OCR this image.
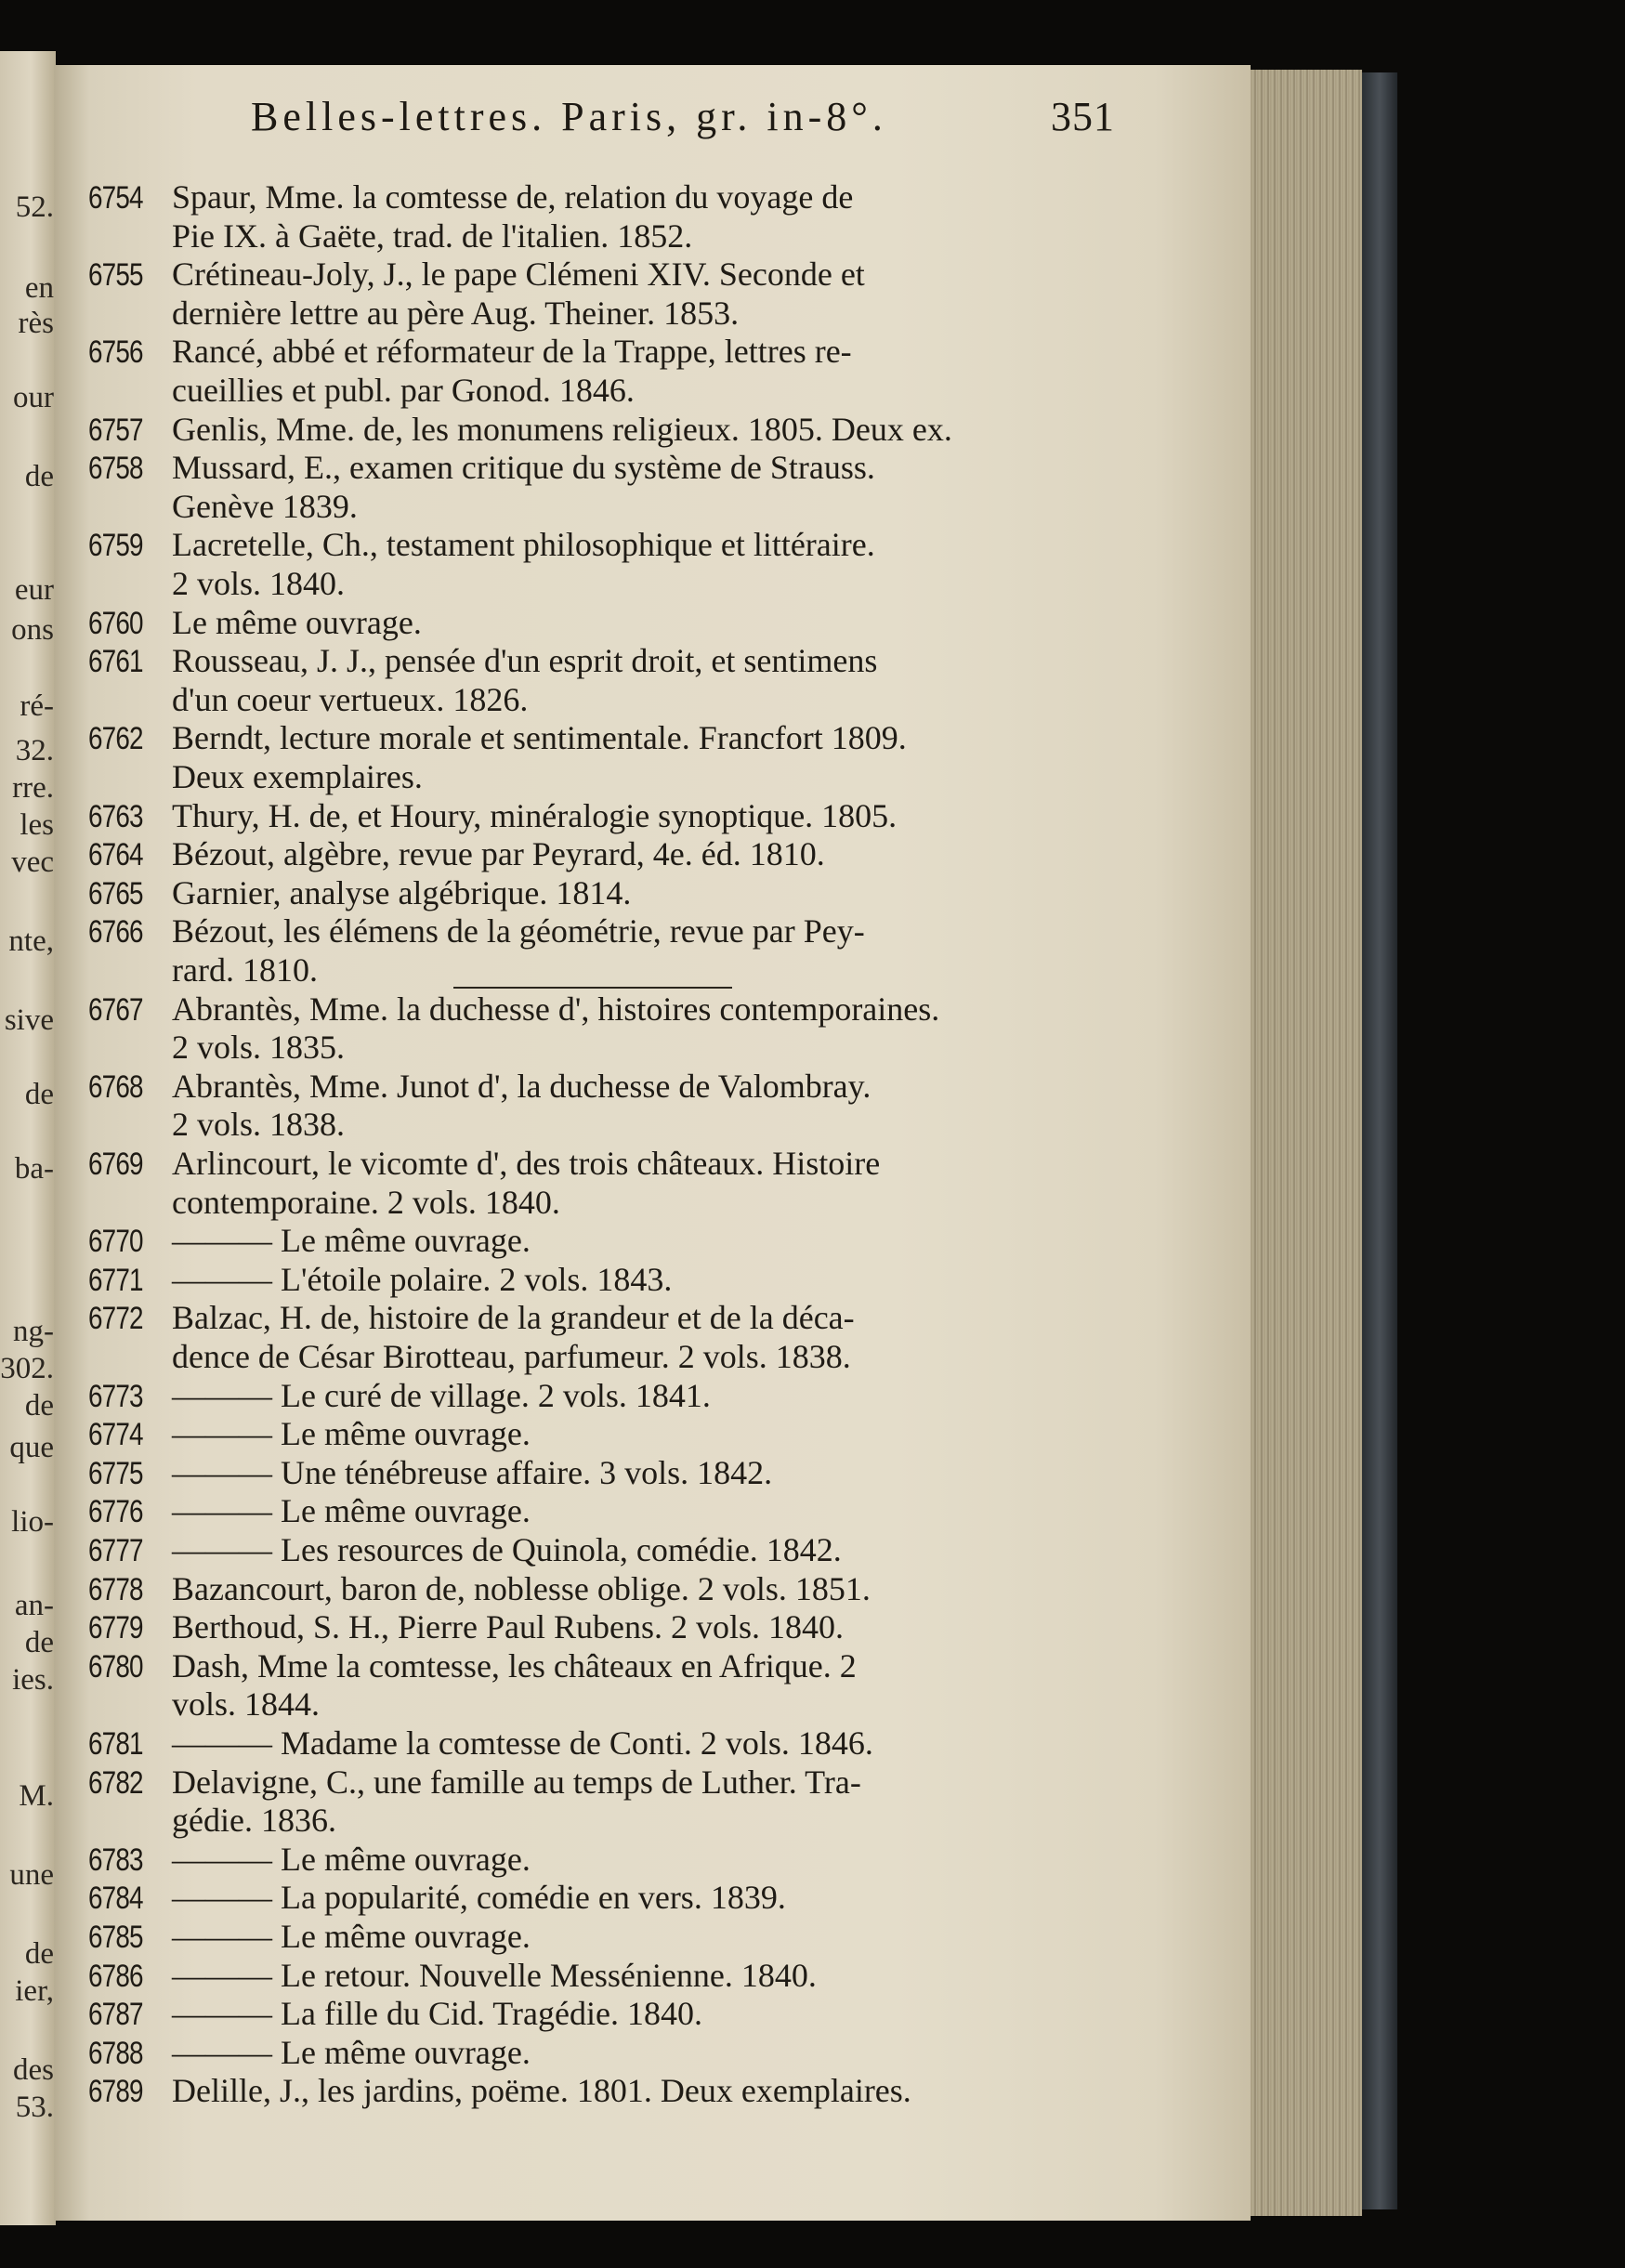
Belles-lettres. Paris, gr. in-8°.	351
52.
en
rès
our
de
eur
ons
ré-
32.
rre.
les
vec
nte,
sive
de
ba-
ng-
302.
de
que
lio-
an-
de
ies.
M.
une
de
ier,
des
53.
6754 Spaur, Mme. la comtesse de, relation du voyage de
Pie IX. à Gaëte, trad. de l'italien. 1852.
6755 Crétineau-Joly, J., le pape Clémeni XIV. Seconde et
dernière lettre au père Aug. Theiner. 1853.
6756 Rancé, abbé et réformateur de la Trappe, lettres re-
cueillies et publ. par Gonod. 1846.
6757 Genlis, Mme. de, les monumens religieux. 1805. Deux ex.
6758 Mussard, E., examen critique du système de Strauss.
Genève 1839.
6759 Lacretelle, Ch., testament philosophique et littéraire.
2 vols. 1840.
6760 Le même ouvrage.
6761 Rousseau, J. J., pensée d'un esprit droit, et sentimens
d'un coeur vertueux. 1826.
6762 Berndt, lecture morale et sentimentale. Francfort 1809.
Deux exemplaires.
6763 Thury, H. de, et Houry, minéralogie synoptique. 1805.
6764 Bézout, algèbre, revue par Peyrard, 4e. éd. 1810.
6765 Garnier, analyse algébrique. 1814.
6766 Bézout, les élémens de la géométrie, revue par Pey-
rard. 1810.
6767 Abrantès, Mme. la duchesse d', histoires contemporaines.
2 vols. 1835.
6768 Abrantès, Mme. Junot d', la duchesse de Valombray.
2 vols. 1838.
6769 Arlincourt, le vicomte d', des trois châteaux. Histoire
contemporaine. 2 vols. 1840.
6770 ——— Le même ouvrage.
6771 ——— L'étoile polaire. 2 vols. 1843.
6772 Balzac, H. de, histoire de la grandeur et de la déca-
dence de César Birotteau, parfumeur. 2 vols. 1838.
6773 ——— Le curé de village. 2 vols. 1841.
6774 ——— Le même ouvrage.
6775 ——— Une ténébreuse affaire. 3 vols. 1842.
6776 ——— Le même ouvrage.
6777 ——— Les resources de Quinola, comédie. 1842.
6778 Bazancourt, baron de, noblesse oblige. 2 vols. 1851.
6779 Berthoud, S. H., Pierre Paul Rubens. 2 vols. 1840.
6780 Dash, Mme la comtesse, les châteaux en Afrique. 2
vols. 1844.
6781 ——— Madame la comtesse de Conti. 2 vols. 1846.
6782 Delavigne, C., une famille au temps de Luther. Tra-
gédie. 1836.
6783 ——— Le même ouvrage.
6784 ——— La popularité, comédie en vers. 1839.
6785 ——— Le même ouvrage.
6786 ——— Le retour. Nouvelle Messénienne. 1840.
6787 ——— La fille du Cid. Tragédie. 1840.
6788 ——— Le même ouvrage.
6789 Delille, J., les jardins, poëme. 1801. Deux exemplaires.
